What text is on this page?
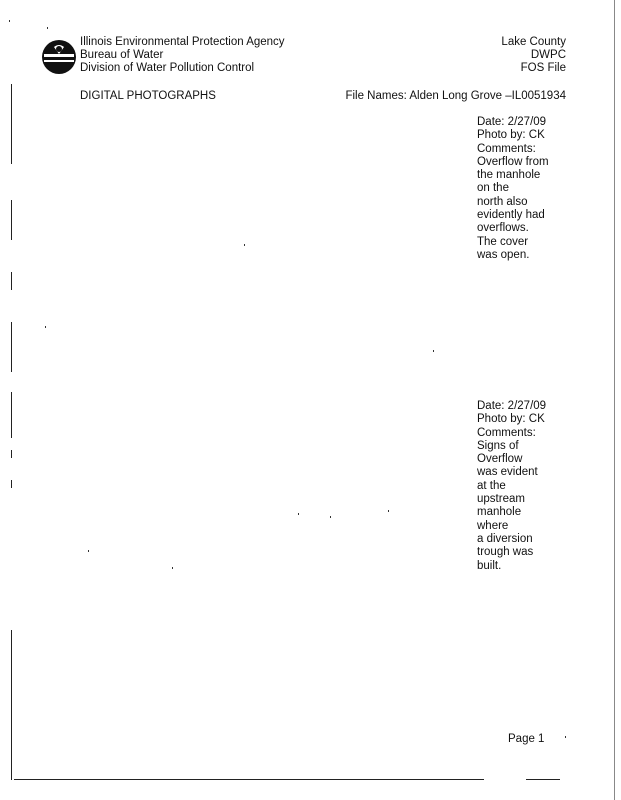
Illinois Environmental Protection Agency
Bureau of Water
Division of Water Pollution Control
Lake County
DWPC
FOS File
DIGITAL PHOTOGRAPHS	File Names: Alden Long Grove –IL0051934
Date: 2/27/09
Photo by: CK
Comments:
Overflow from
the manhole
on the
north also
evidently had
overflows.
The cover
was open.
Date: 2/27/09
Photo by: CK
Comments:
Signs of
Overflow
was evident
at the
upstream
manhole
where
a diversion
trough was
built.
Page 1
